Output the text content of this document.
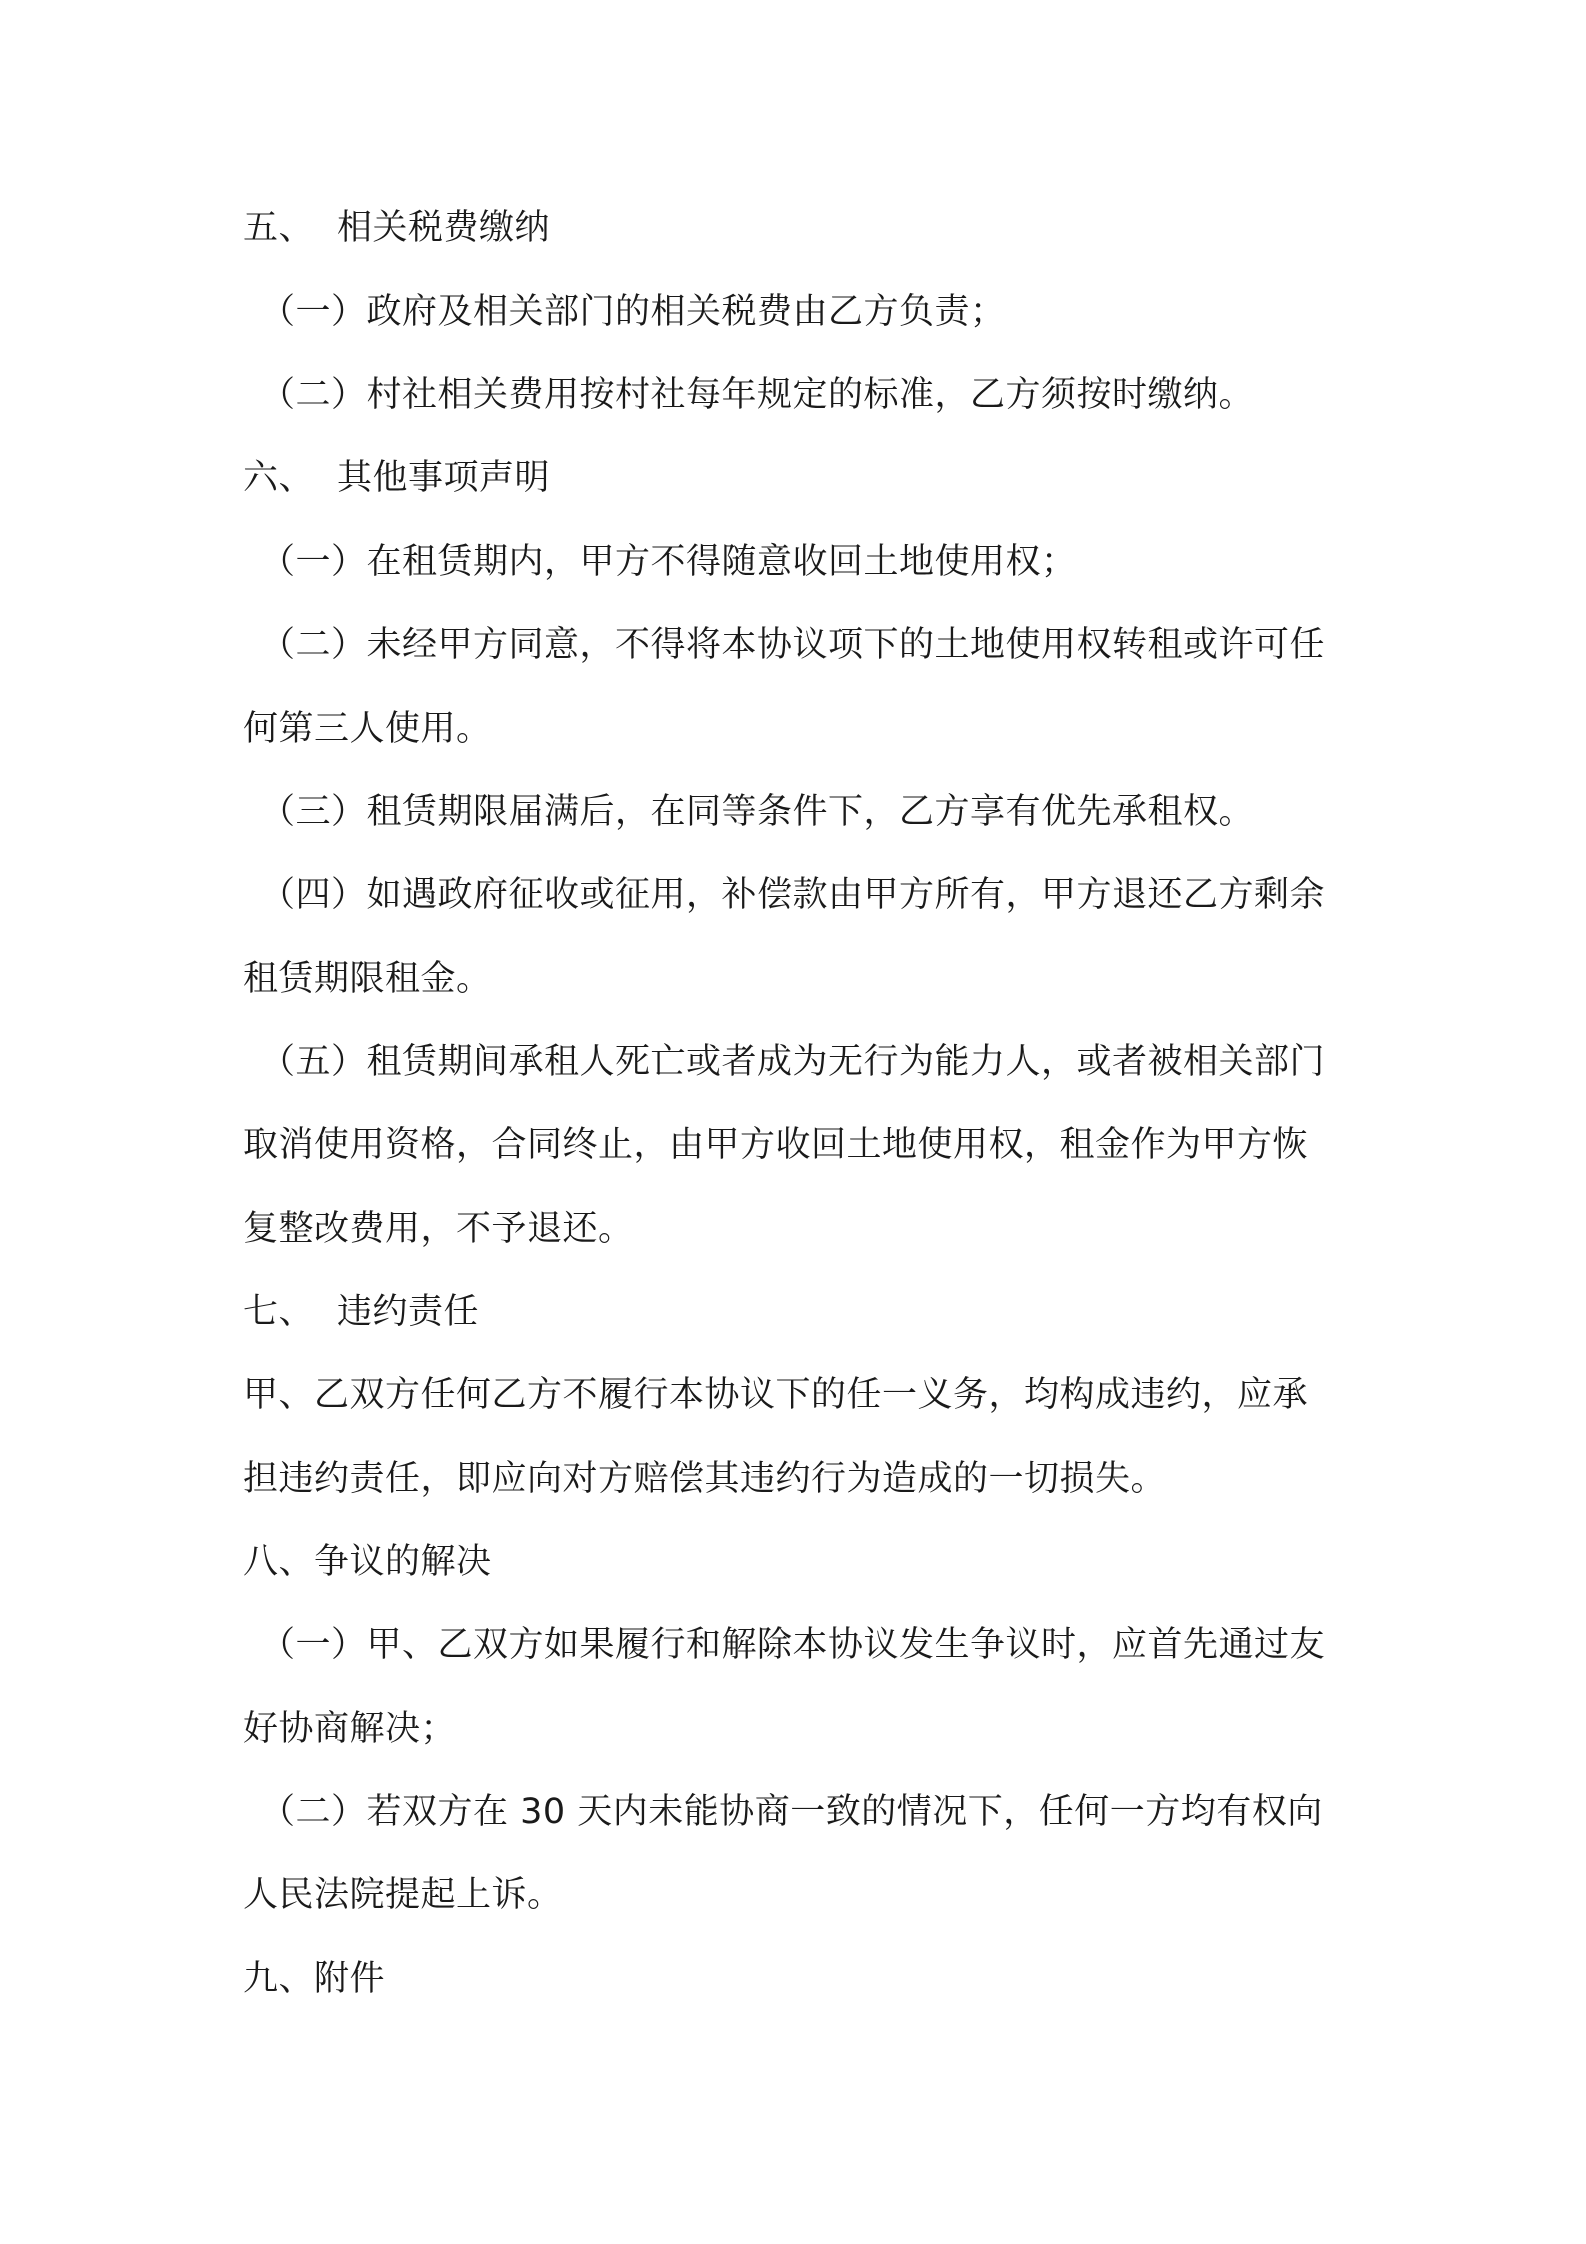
五、 相关税费缴纳
（一）政府及相关部门的相关税费由乙方负责；
（二）村社相关费用按村社每年规定的标准，乙方须按时缴纳。
六、 其他事项声明
（一）在租赁期内，甲方不得随意收回土地使用权；
（二）未经甲方同意，不得将本协议项下的土地使用权转租或许可任
何第三人使用。
（三）租赁期限届满后，在同等条件下，乙方享有优先承租权。
（四）如遇政府征收或征用，补偿款由甲方所有，甲方退还乙方剩余
租赁期限租金。
（五）租赁期间承租人死亡或者成为无行为能力人，或者被相关部门
取消使用资格，合同终止，由甲方收回土地使用权，租金作为甲方恢
复整改费用，不予退还。
七、 违约责任
甲、乙双方任何乙方不履行本协议下的任一义务，均构成违约，应承
担违约责任，即应向对方赔偿其违约行为造成的一切损失。
八、争议的解决
（一）甲、乙双方如果履行和解除本协议发生争议时，应首先通过友
好协商解决；
（二）若双方在 30 天内未能协商一致的情况下，任何一方均有权向
人民法院提起上诉。
九、附件
